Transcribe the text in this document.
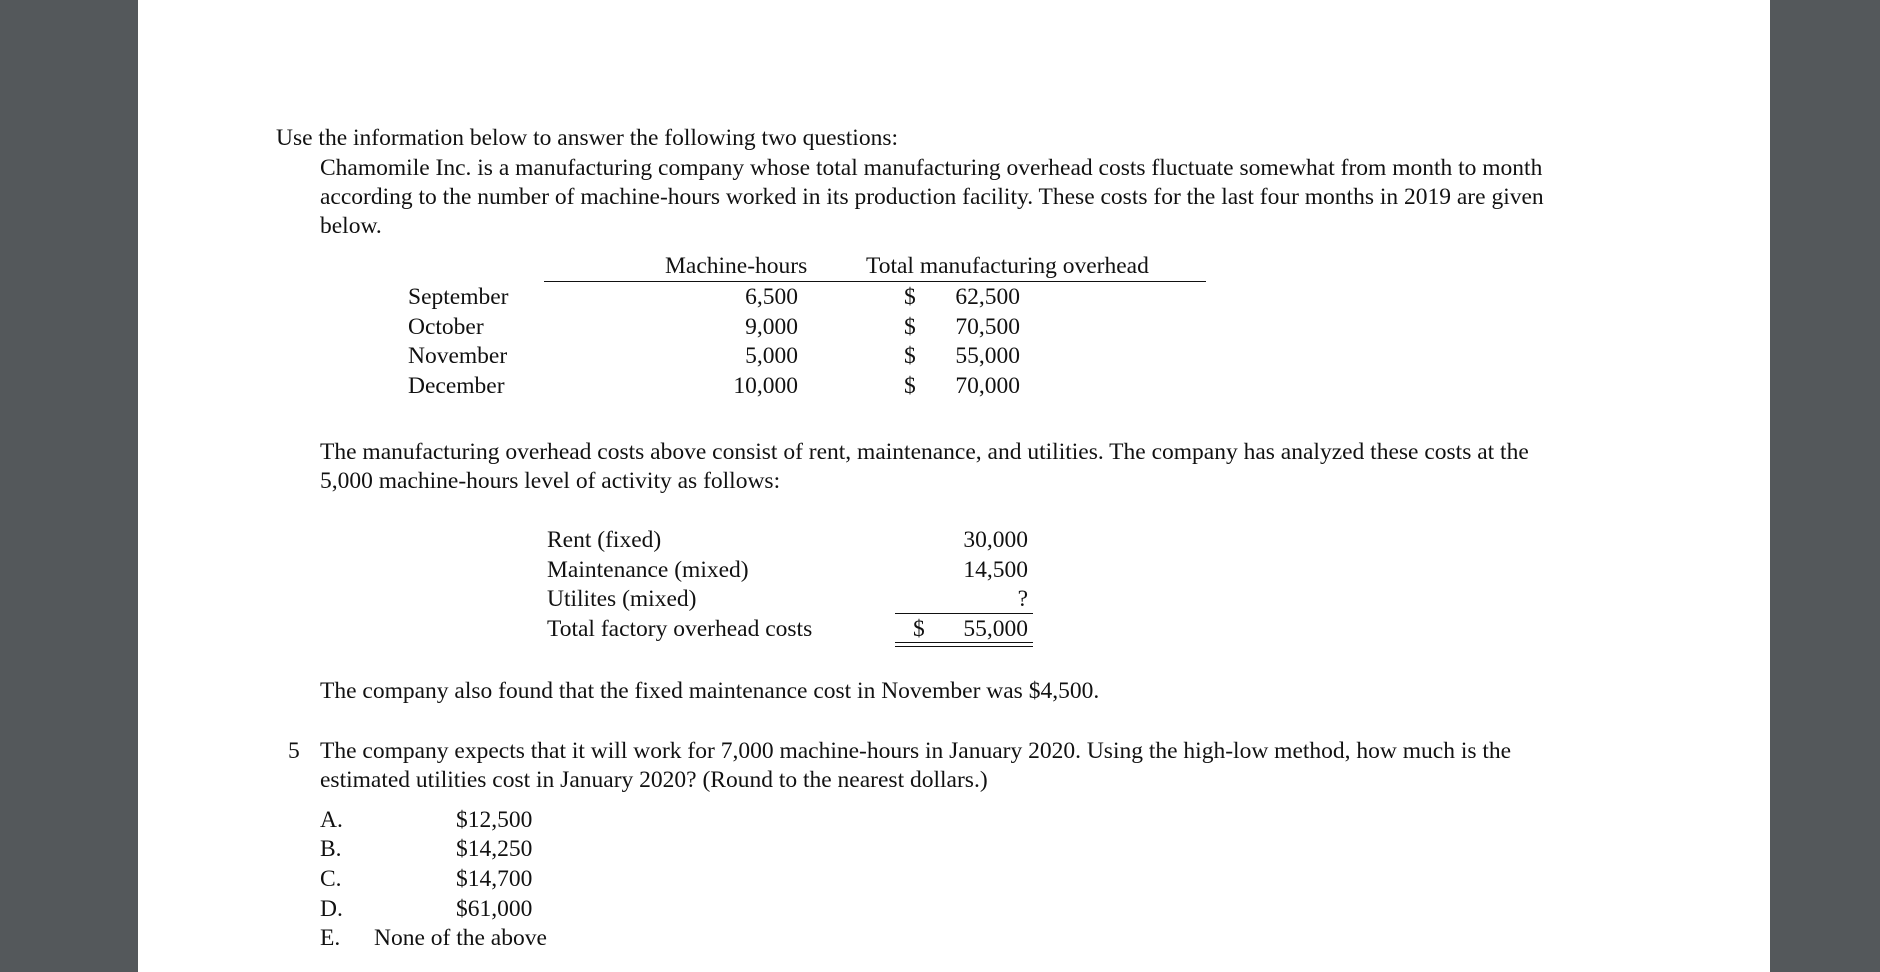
Use the information below to answer the following two questions:
Chamomile Inc. is a manufacturing company whose total manufacturing overhead costs fluctuate somewhat from month to month
according to the number of machine-hours worked in its production facility. These costs for the last four months in 2019 are given
below.
Machine-hours Total manufacturing overhead
September	6,500	$	62,500
October	9,000	$	70,500
November	5,000	$	55,000
December	10,000	$	70,000
The manufacturing overhead costs above consist of rent, maintenance, and utilities. The company has analyzed these costs at the
5,000 machine-hours level of activity as follows:
Rent (fixed)	30,000
Maintenance (mixed)	14,500
Utilites (mixed)	?
Total factory overhead costs	$	55,000
The company also found that the fixed maintenance cost in November was $4,500.
5 The company expects that it will work for 7,000 machine-hours in January 2020. Using the high-low method, how much is the
estimated utilities cost in January 2020? (Round to the nearest dollars.)
A.	$12,500
B.	$14,250
C.	$14,700
D.	$61,000
E. None of the above
